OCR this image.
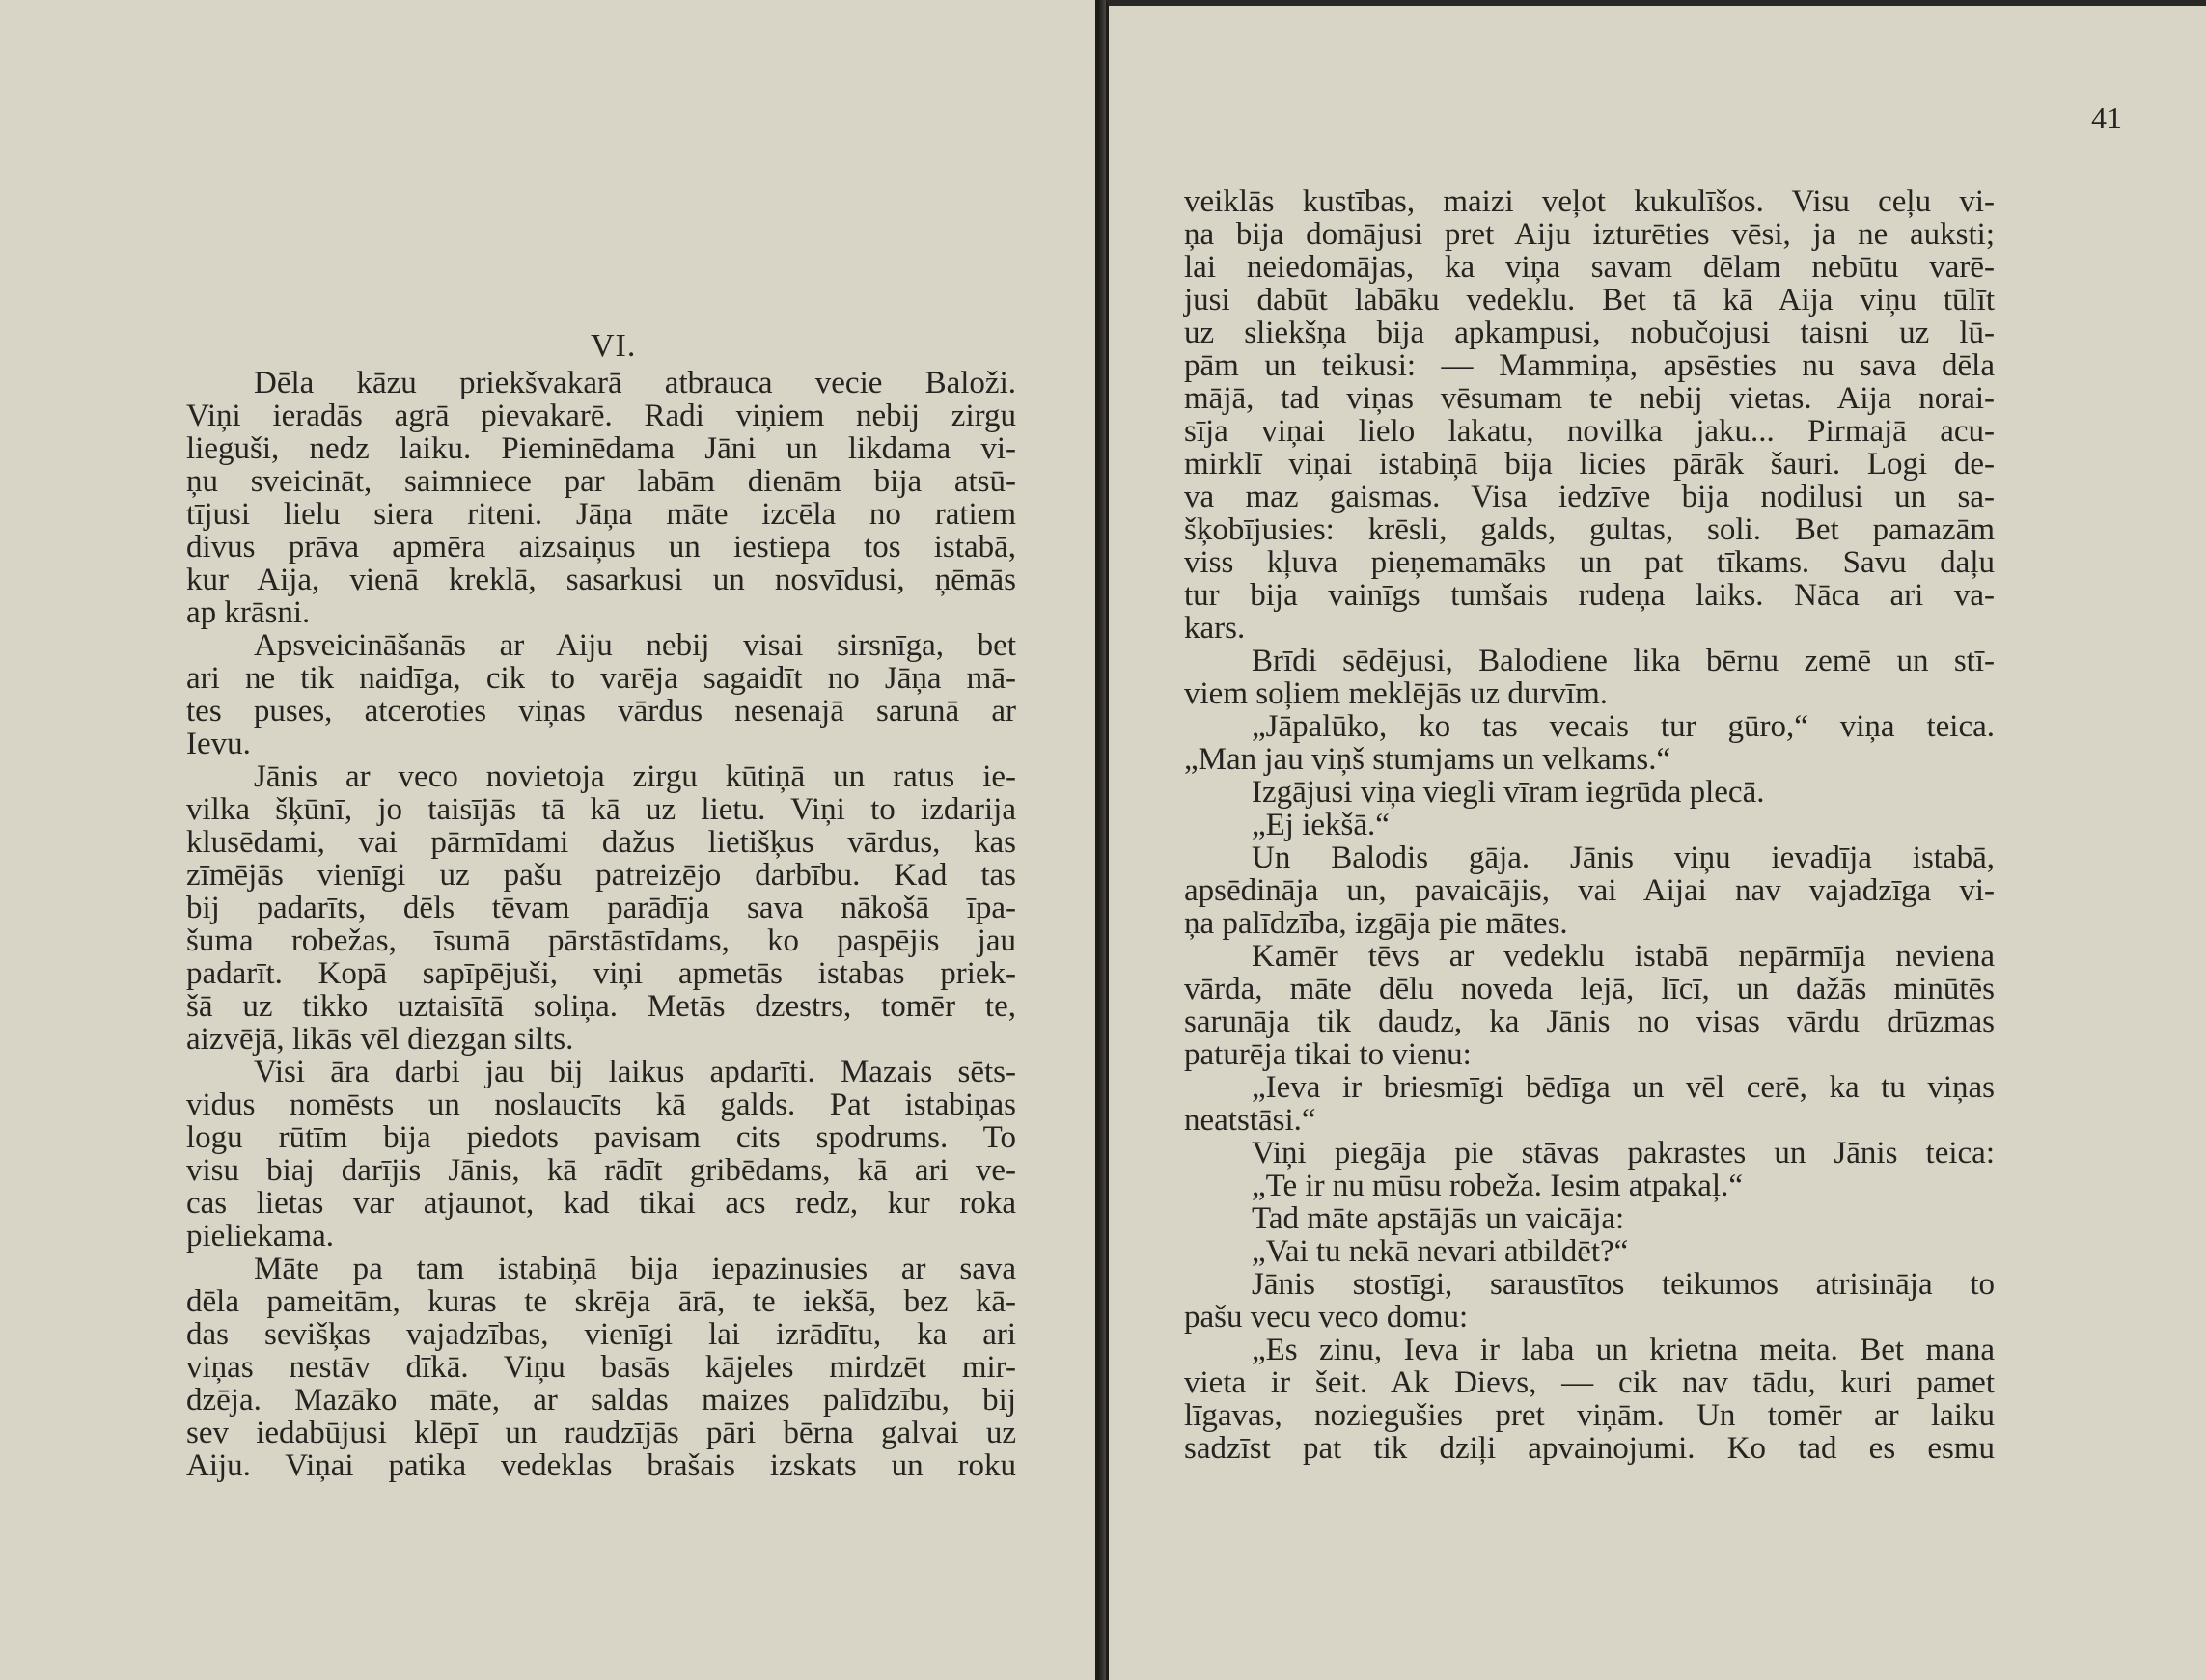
VI.
Dēla kāzu priekšvakarā atbrauca vecie Baloži.
Viņi ieradās agrā pievakarē. Radi viņiem nebij zirgu
lieguši, nedz laiku. Pieminēdama Jāni un likdama vi-
ņu sveicināt, saimniece par labām dienām bija atsū-
tījusi lielu siera riteni. Jāņa māte izcēla no ratiem
divus prāva apmēra aizsaiņus un iestiepa tos istabā,
kur Aija, vienā kreklā, sasarkusi un nosvīdusi, ņēmās
ap krāsni.
Apsveicināšanās ar Aiju nebij visai sirsnīga, bet
ari ne tik naidīga, cik to varēja sagaidīt no Jāņa mā-
tes puses, atceroties viņas vārdus nesenajā sarunā ar
Ievu.
Jānis ar veco novietoja zirgu kūtiņā un ratus ie-
vilka šķūnī, jo taisījās tā kā uz lietu. Viņi to izdarija
klusēdami, vai pārmīdami dažus lietišķus vārdus, kas
zīmējās vienīgi uz pašu patreizējo darbību. Kad tas
bij padarīts, dēls tēvam parādīja sava nākošā īpa-
šuma robežas, īsumā pārstāstīdams, ko paspējis jau
padarīt. Kopā sapīpējuši, viņi apmetās istabas priek-
šā uz tikko uztaisītā soliņa. Metās dzestrs, tomēr te,
aizvējā, likās vēl diezgan silts.
Visi āra darbi jau bij laikus apdarīti. Mazais sēts-
vidus nomēsts un noslaucīts kā galds. Pat istabiņas
logu rūtīm bija piedots pavisam cits spodrums. To
visu biaj darījis Jānis, kā rādīt gribēdams, kā ari ve-
cas lietas var atjaunot, kad tikai acs redz, kur roka
pieliekama.
Māte pa tam istabiņā bija iepazinusies ar sava
dēla pameitām, kuras te skrēja ārā, te iekšā, bez kā-
das sevišķas vajadzības, vienīgi lai izrādītu, ka ari
viņas nestāv dīkā. Viņu basās kājeles mirdzēt mir-
dzēja. Mazāko māte, ar saldas maizes palīdzību, bij
sev iedabūjusi klēpī un raudzījās pāri bērna galvai uz
Aiju. Viņai patika vedeklas brašais izskats un roku
41
veiklās kustības, maizi veļot kukulīšos. Visu ceļu vi-
ņa bija domājusi pret Aiju izturēties vēsi, ja ne auksti;
lai neiedomājas, ka viņa savam dēlam nebūtu varē-
jusi dabūt labāku vedeklu. Bet tā kā Aija viņu tūlīt
uz sliekšņa bija apkampusi, nobučojusi taisni uz lū-
pām un teikusi: — Mammiņa, apsēsties nu sava dēla
mājā, tad viņas vēsumam te nebij vietas. Aija norai-
sīja viņai lielo lakatu, novilka jaku... Pirmajā acu-
mirklī viņai istabiņā bija licies pārāk šauri. Logi de-
va maz gaismas. Visa iedzīve bija nodilusi un sa-
šķobījusies: krēsli, galds, gultas, soli. Bet pamazām
viss kļuva pieņemamāks un pat tīkams. Savu daļu
tur bija vainīgs tumšais rudeņa laiks. Nāca ari va-
kars.
Brīdi sēdējusi, Balodiene lika bērnu zemē un stī-
viem soļiem meklējās uz durvīm.
„Jāpalūko, ko tas vecais tur gūro,“ viņa teica.
„Man jau viņš stumjams un velkams.“
Izgājusi viņa viegli vīram iegrūda plecā.
„Ej iekšā.“
Un Balodis gāja. Jānis viņu ievadīja istabā,
apsēdināja un, pavaicājis, vai Aijai nav vajadzīga vi-
ņa palīdzība, izgāja pie mātes.
Kamēr tēvs ar vedeklu istabā nepārmīja neviena
vārda, māte dēlu noveda lejā, līcī, un dažās minūtēs
sarunāja tik daudz, ka Jānis no visas vārdu drūzmas
paturēja tikai to vienu:
„Ieva ir briesmīgi bēdīga un vēl cerē, ka tu viņas
neatstāsi.“
Viņi piegāja pie stāvas pakrastes un Jānis teica:
„Te ir nu mūsu robeža. Iesim atpakaļ.“
Tad māte apstājās un vaicāja:
„Vai tu nekā nevari atbildēt?“
Jānis stostīgi, saraustītos teikumos atrisināja to
pašu vecu veco domu:
„Es zinu, Ieva ir laba un krietna meita. Bet mana
vieta ir šeit. Ak Dievs, — cik nav tādu, kuri pamet
līgavas, noziegušies pret viņām. Un tomēr ar laiku
sadzīst pat tik dziļi apvainojumi. Ko tad es esmu
